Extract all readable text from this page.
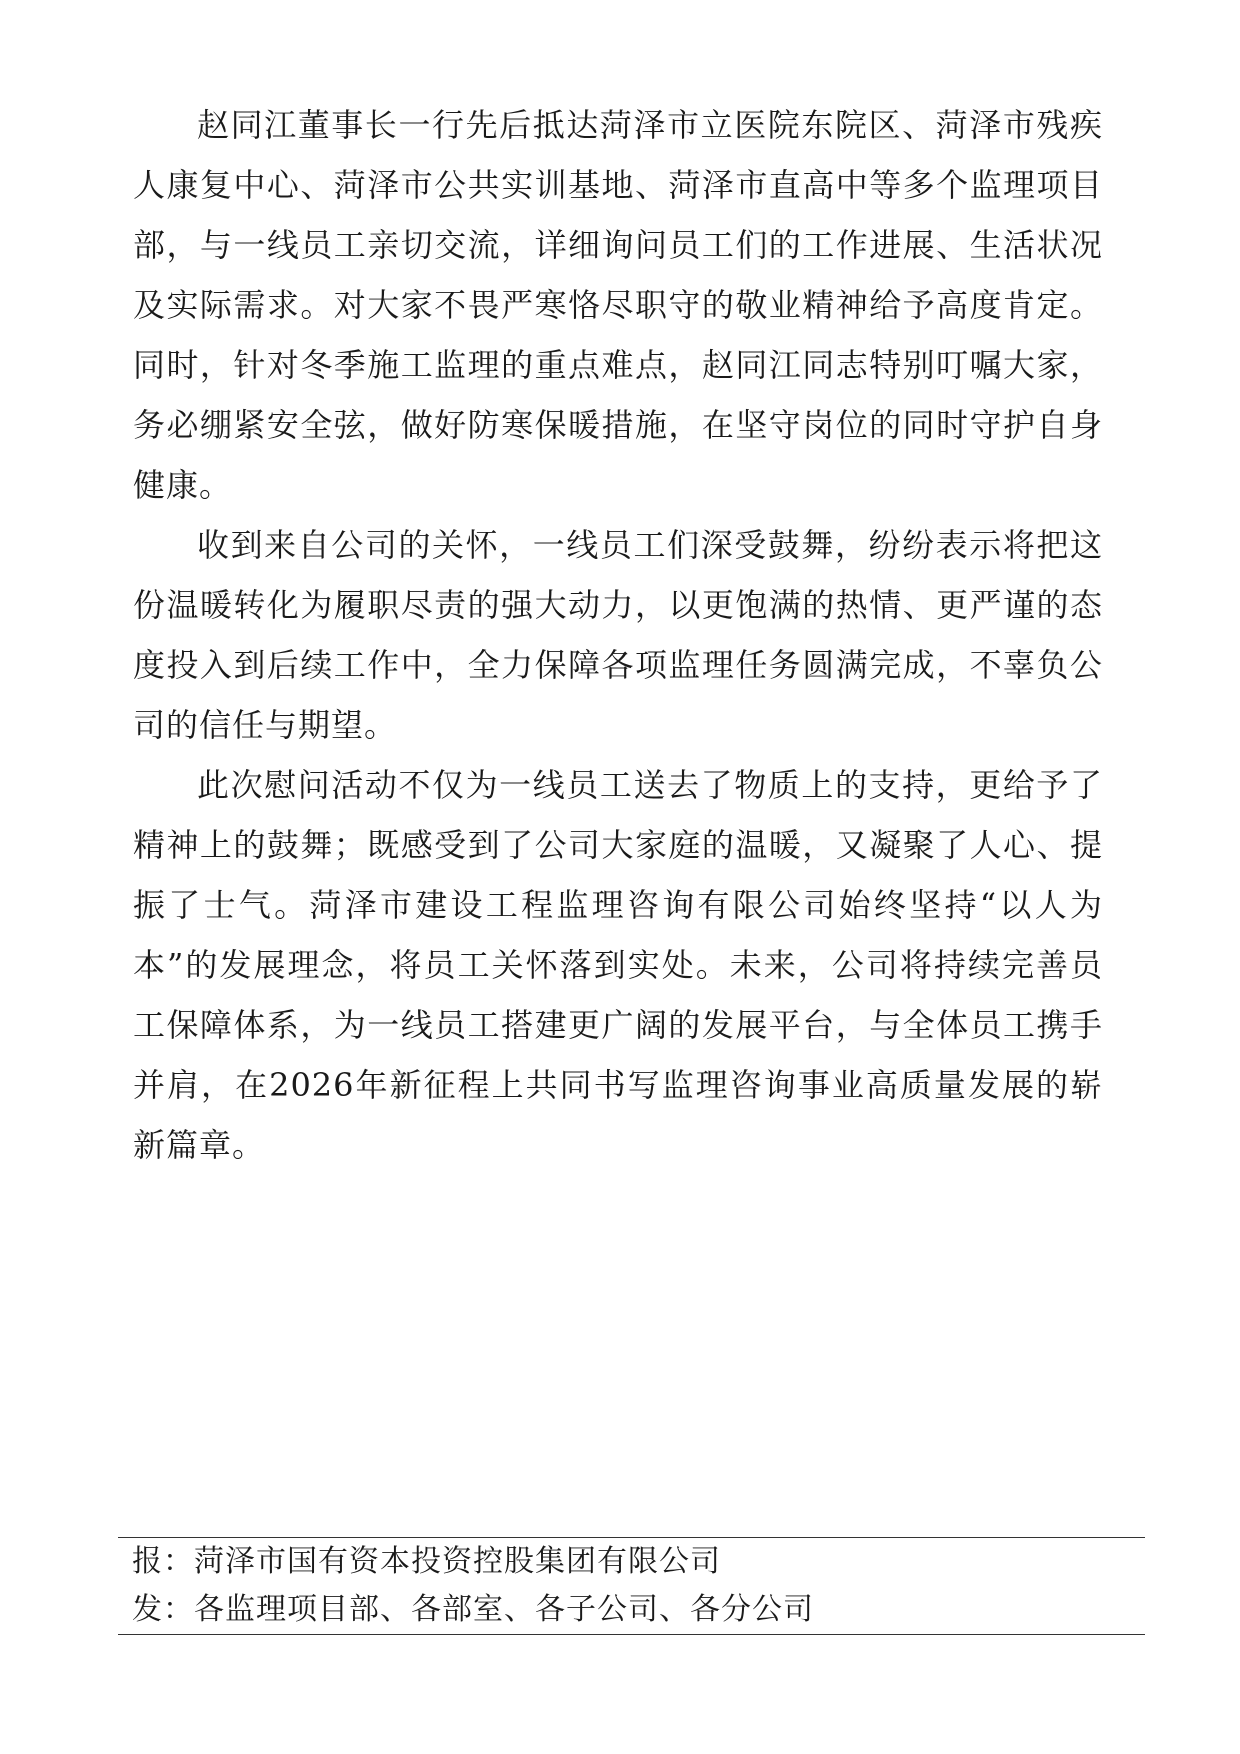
赵同江董事长一行先后抵达菏泽市立医院东院区、菏泽市残疾人康复中心、菏泽市公共实训基地、菏泽市直高中等多个监理项目部，与一线员工亲切交流，详细询问员工们的工作进展、生活状况及实际需求。对大家不畏严寒恪尽职守的敬业精神给予高度肯定。同时，针对冬季施工监理的重点难点，赵同江同志特别叮嘱大家，务必绷紧安全弦，做好防寒保暖措施，在坚守岗位的同时守护自身健康。

收到来自公司的关怀，一线员工们深受鼓舞，纷纷表示将把这份温暖转化为履职尽责的强大动力，以更饱满的热情、更严谨的态度投入到后续工作中，全力保障各项监理任务圆满完成，不辜负公司的信任与期望。

此次慰问活动不仅为一线员工送去了物质上的支持，更给予了精神上的鼓舞；既感受到了公司大家庭的温暖，又凝聚了人心、提振了士气。菏泽市建设工程监理咨询有限公司始终坚持“以人为本”的发展理念，将员工关怀落到实处。未来，公司将持续完善员工保障体系，为一线员工搭建更广阔的发展平台，与全体员工携手并肩，在2026年新征程上共同书写监理咨询事业高质量发展的崭新篇章。

报：菏泽市国有资本投资控股集团有限公司
发：各监理项目部、各部室、各子公司、各分公司
